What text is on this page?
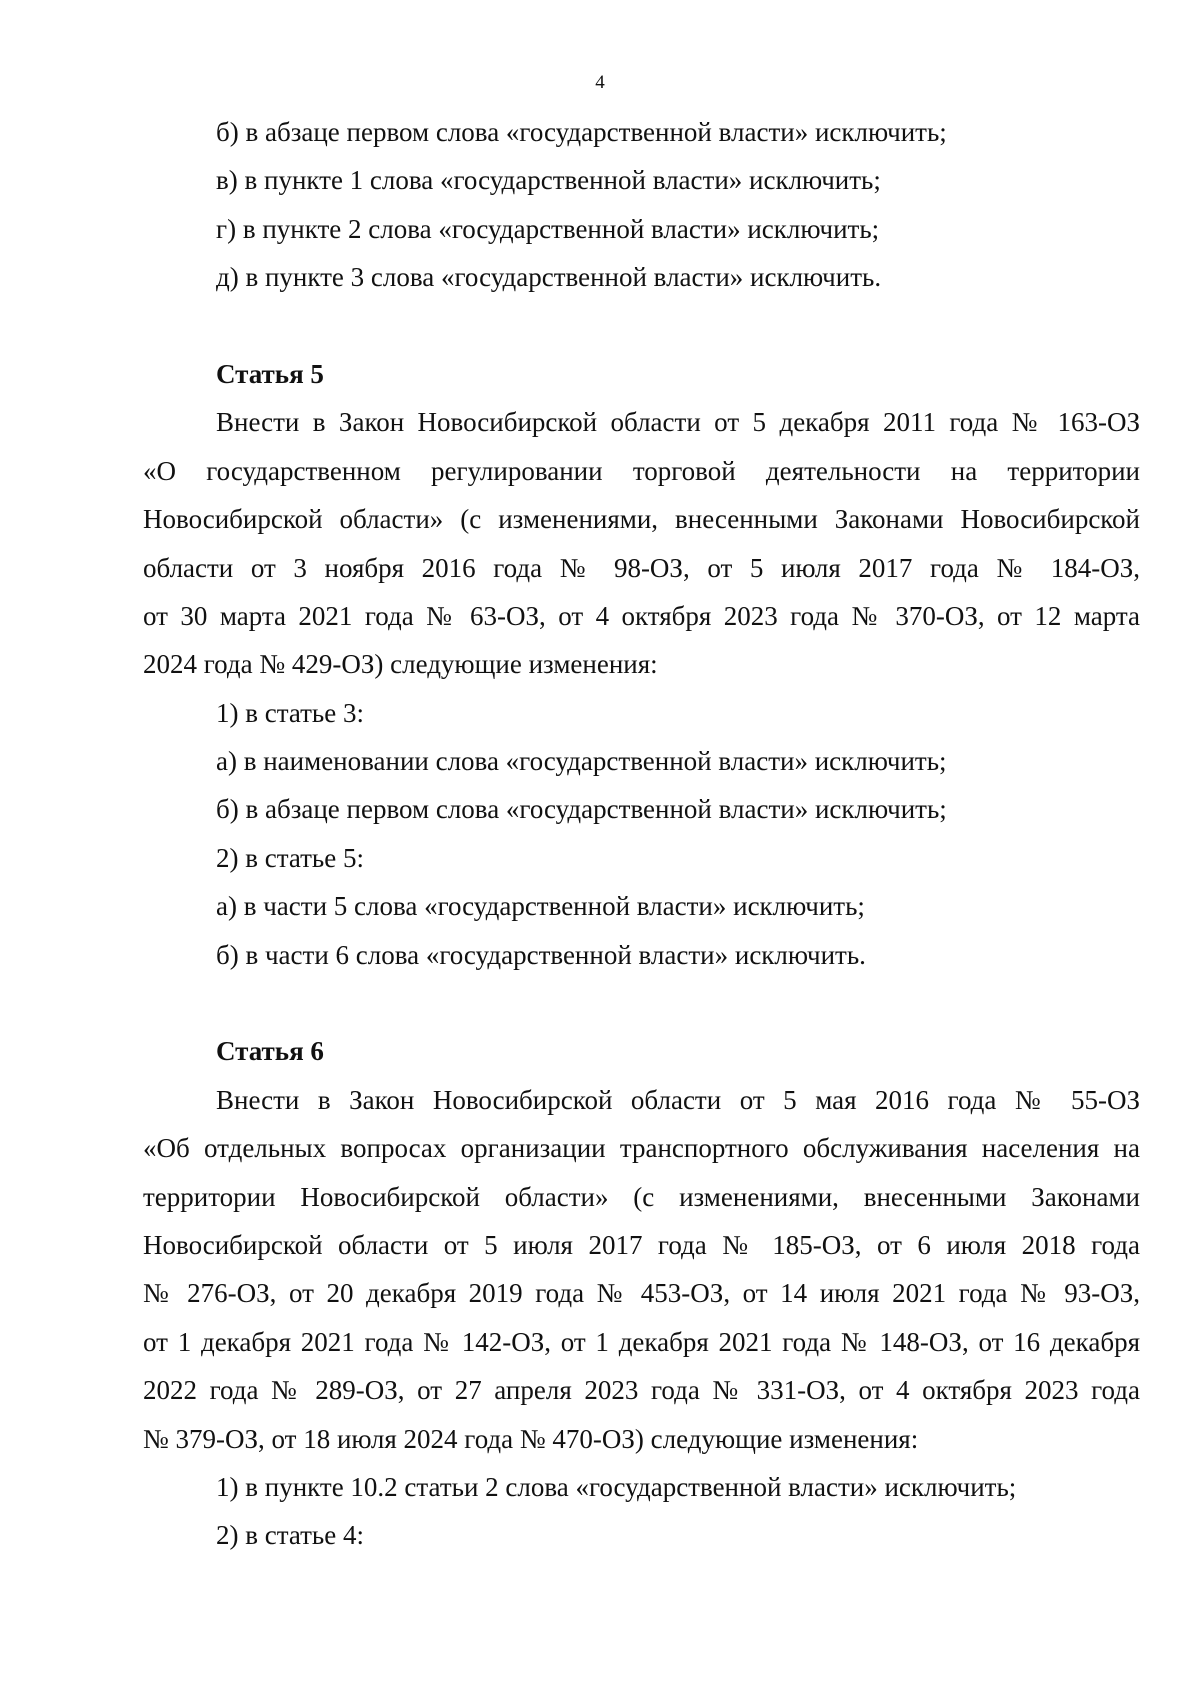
4
б) в абзаце первом слова «государственной власти» исключить;
в) в пункте 1 слова «государственной власти» исключить;
г) в пункте 2 слова «государственной власти» исключить;
д) в пункте 3 слова «государственной власти» исключить.
Статья 5
Внести в Закон Новосибирской области от 5 декабря 2011 года № 163-ОЗ
«О государственном регулировании торговой деятельности на территории
Новосибирской области» (с изменениями, внесенными Законами Новосибирской
области от 3 ноября 2016 года № 98-ОЗ, от 5 июля 2017 года № 184-ОЗ,
от 30 марта 2021 года № 63-ОЗ, от 4 октября 2023 года № 370-ОЗ, от 12 марта
2024 года № 429-ОЗ) следующие изменения:
1) в статье 3:
а) в наименовании слова «государственной власти» исключить;
б) в абзаце первом слова «государственной власти» исключить;
2) в статье 5:
а) в части 5 слова «государственной власти» исключить;
б) в части 6 слова «государственной власти» исключить.
Статья 6
Внести в Закон Новосибирской области от 5 мая 2016 года № 55-ОЗ
«Об отдельных вопросах организации транспортного обслуживания населения на
территории Новосибирской области» (с изменениями, внесенными Законами
Новосибирской области от 5 июля 2017 года № 185-ОЗ, от 6 июля 2018 года
№ 276-ОЗ, от 20 декабря 2019 года № 453-ОЗ, от 14 июля 2021 года № 93-ОЗ,
от 1 декабря 2021 года № 142-ОЗ, от 1 декабря 2021 года № 148-ОЗ, от 16 декабря
2022 года № 289-ОЗ, от 27 апреля 2023 года № 331-ОЗ, от 4 октября 2023 года
№ 379-ОЗ, от 18 июля 2024 года № 470-ОЗ) следующие изменения:
1) в пункте 10.2 статьи 2 слова «государственной власти» исключить;
2) в статье 4:
